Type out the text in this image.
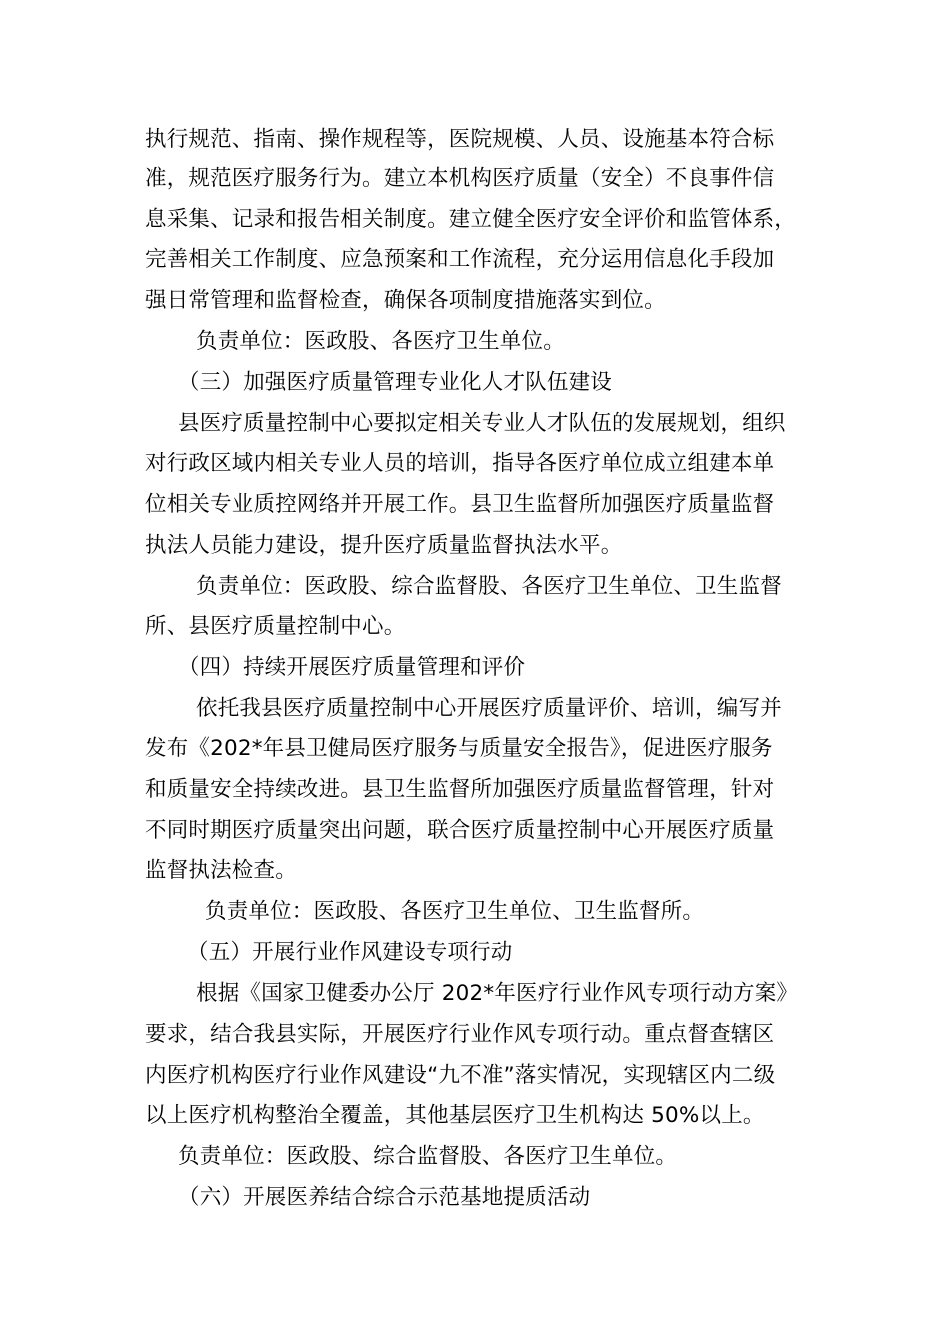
执行规范、指南、操作规程等，医院规模、人员、设施基本符合标
准，规范医疗服务行为。建立本机构医疗质量（安全）不良事件信
息采集、记录和报告相关制度。建立健全医疗安全评价和监管体系，
完善相关工作制度、应急预案和工作流程，充分运用信息化手段加
强日常管理和监督检查，确保各项制度措施落实到位。
负责单位：医政股、各医疗卫生单位。
（三）加强医疗质量管理专业化人才队伍建设
县医疗质量控制中心要拟定相关专业人才队伍的发展规划，组织
对行政区域内相关专业人员的培训，指导各医疗单位成立组建本单
位相关专业质控网络并开展工作。县卫生监督所加强医疗质量监督
执法人员能力建设，提升医疗质量监督执法水平。
负责单位：医政股、综合监督股、各医疗卫生单位、卫生监督
所、县医疗质量控制中心。
（四）持续开展医疗质量管理和评价
依托我县医疗质量控制中心开展医疗质量评价、培训，编写并
发布《202*年县卫健局医疗服务与质量安全报告》，促进医疗服务
和质量安全持续改进。县卫生监督所加强医疗质量监督管理，针对
不同时期医疗质量突出问题，联合医疗质量控制中心开展医疗质量
监督执法检查。
负责单位：医政股、各医疗卫生单位、卫生监督所。
（五）开展行业作风建设专项行动
根据《国家卫健委办公厅 202*年医疗行业作风专项行动方案》
要求，结合我县实际，开展医疗行业作风专项行动。重点督查辖区
内医疗机构医疗行业作风建设“九不准”落实情况，实现辖区内二级
以上医疗机构整治全覆盖，其他基层医疗卫生机构达 50%以上。
负责单位：医政股、综合监督股、各医疗卫生单位。
（六）开展医养结合综合示范基地提质活动
